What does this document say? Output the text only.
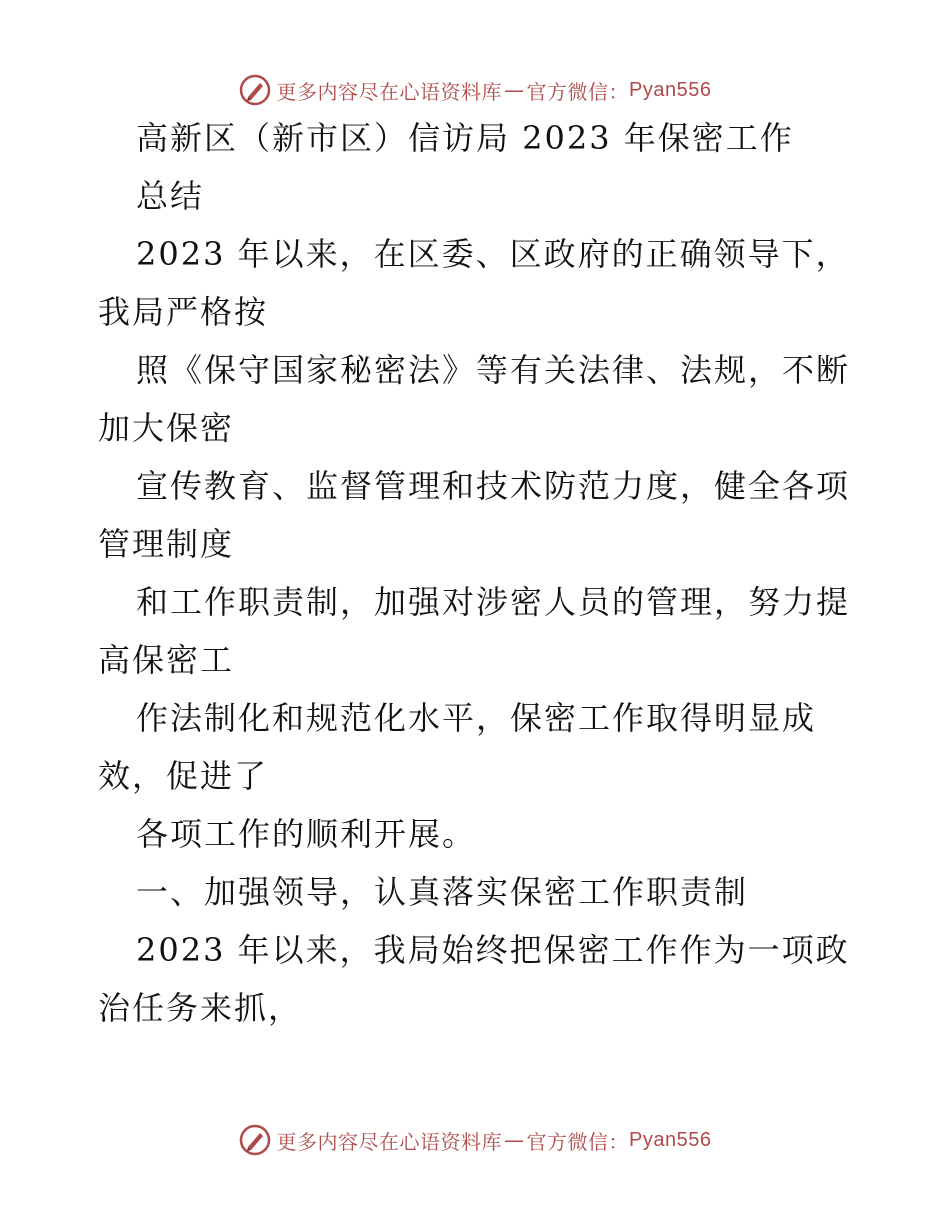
更多内容尽在心语资料库 — 官方微信： Pyan556
高新区（新市区）信访局 2023 年保密工作
总结
2023 年以来，在区委、区政府的正确领导下，
我局严格按
照《保守国家秘密法》等有关法律、法规，不断
加大保密
宣传教育、监督管理和技术防范力度，健全各项
管理制度
和工作职责制，加强对涉密人员的管理，努力提
高保密工
作法制化和规范化水平，保密工作取得明显成
效，促进了
各项工作的顺利开展。
一、加强领导，认真落实保密工作职责制
2023 年以来，我局始终把保密工作作为一项政
治任务来抓，
更多内容尽在心语资料库 — 官方微信： Pyan556
